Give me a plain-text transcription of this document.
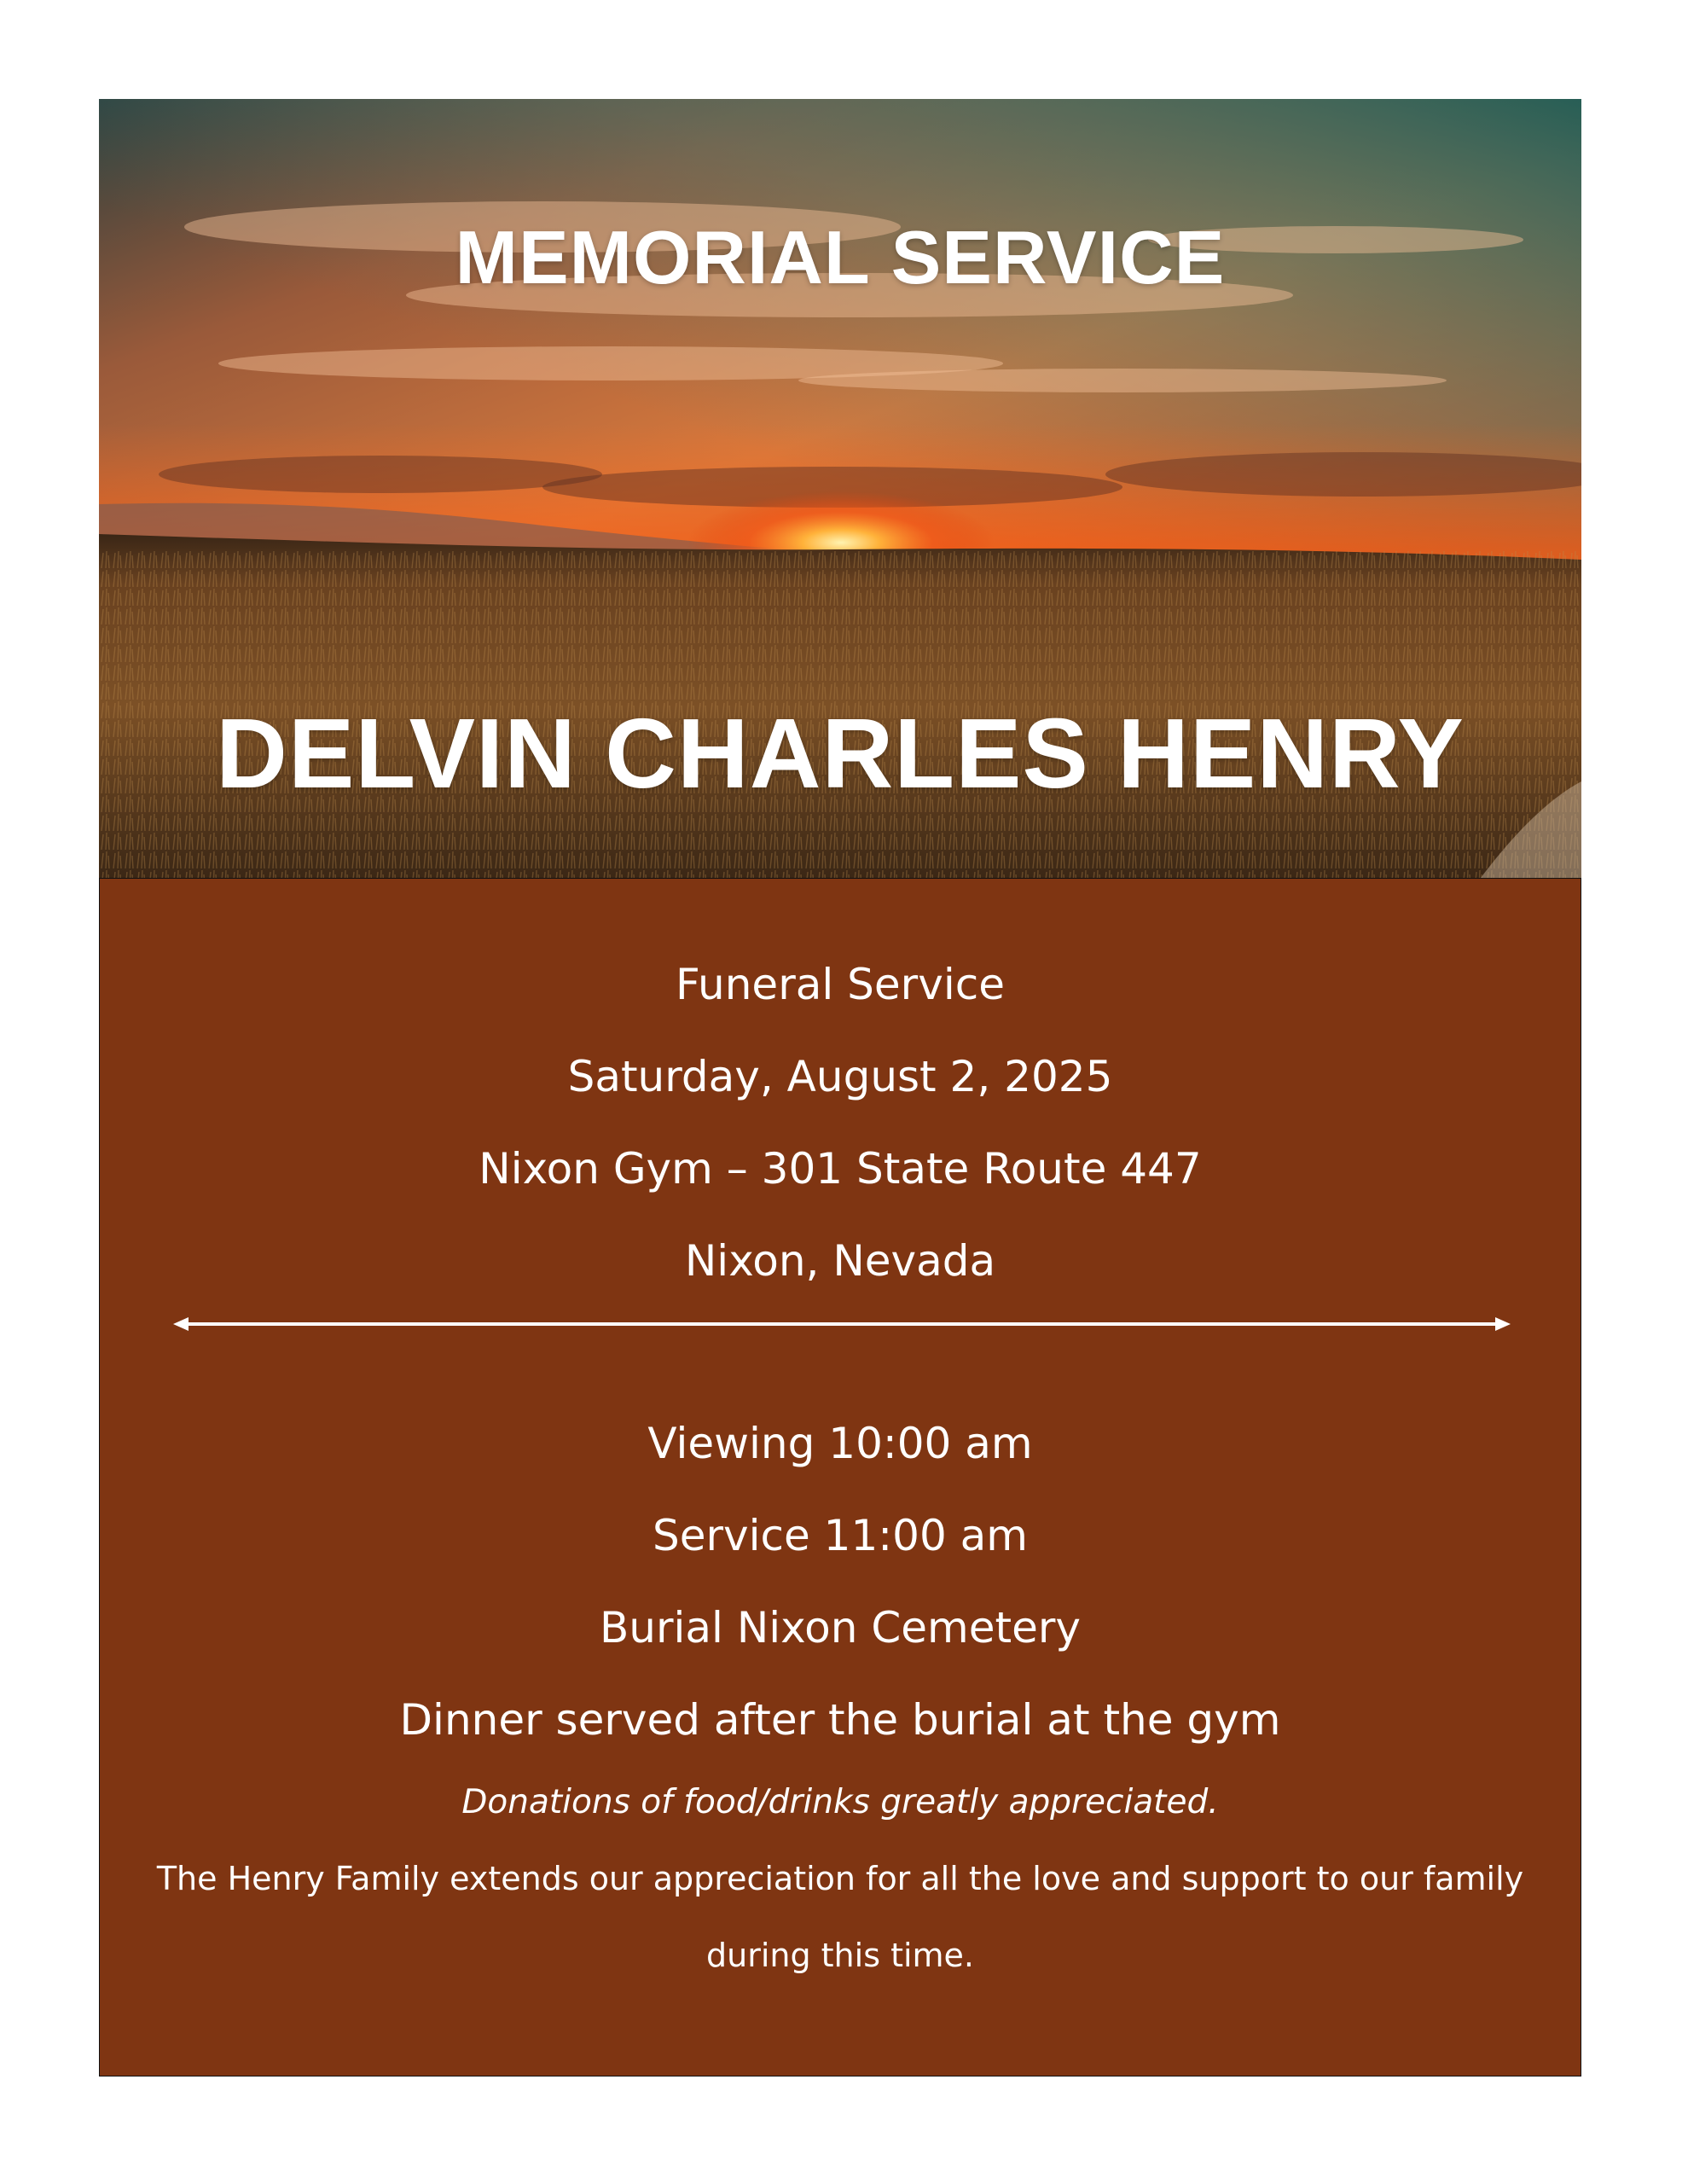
MEMORIAL SERVICE
DELVIN CHARLES HENRY

Funeral Service

Saturday, August 2, 2025

Nixon Gym – 301 State Route 447

Nixon, Nevada

Viewing 10:00 am

Service 11:00 am

Burial Nixon Cemetery

Dinner served after the burial at the gym

Donations of food/drinks greatly appreciated.

The Henry Family extends our appreciation for all the love and support to our family

during this time.
